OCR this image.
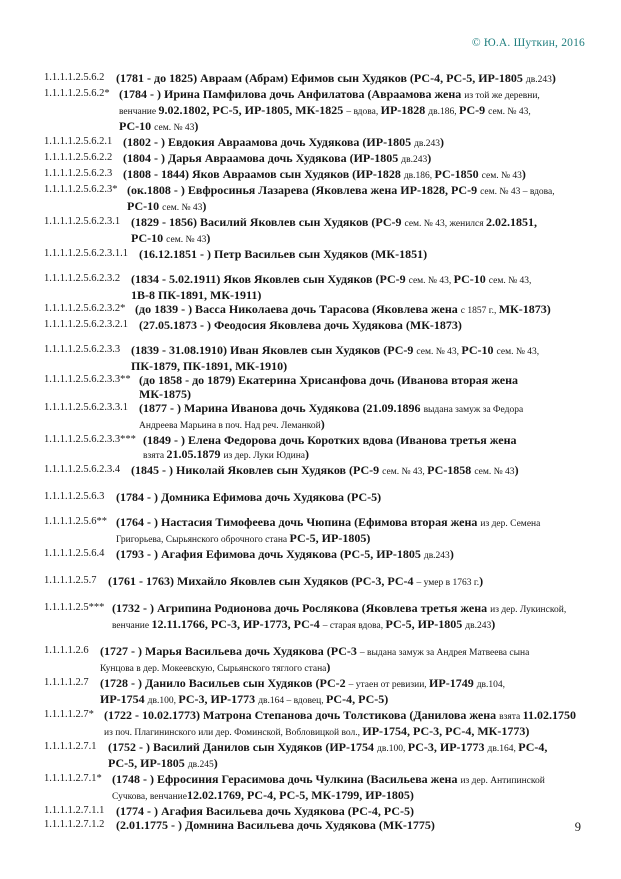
© Ю.А. Шуткин, 2016
1.1.1.1.2.5.6.2 (1781 - до 1825) Авраам (Абрам) Ефимов сын Худяков (РС-4, РС-5, ИР-1805 дв.243)
1.1.1.1.2.5.6.2* (1784 - ) Ирина Памфилова дочь Анфилатова (Авраамова жена из той же деревни,
венчание 9.02.1802, РС-5, ИР-1805, МК-1825 – вдова, ИР-1828 дв.186, РС-9 сем. № 43,
РС-10 сем. № 43)
1.1.1.1.2.5.6.2.1 (1802 - ) Евдокия Авраамова дочь Худякова (ИР-1805 дв.243)
1.1.1.1.2.5.6.2.2 (1804 - ) Дарья Авраамова дочь Худякова (ИР-1805 дв.243)
1.1.1.1.2.5.6.2.3 (1808 - 1844) Яков Авраамов сын Худяков (ИР-1828 дв.186, РС-1850 сем. № 43)
1.1.1.1.2.5.6.2.3* (ок.1808 - ) Евфросинья Лазарева (Яковлева жена ИР-1828, РС-9 сем. № 43 – вдова,
РС-10 сем. № 43)
1.1.1.1.2.5.6.2.3.1 (1829 - 1856) Василий Яковлев сын Худяков (РС-9 сем. № 43, женился 2.02.1851,
РС-10 сем. № 43)
1.1.1.1.2.5.6.2.3.1.1 (16.12.1851 - ) Петр Васильев сын Худяков (МК-1851)
1.1.1.1.2.5.6.2.3.2 (1834 - 5.02.1911) Яков Яковлев сын Худяков (РС-9 сем. № 43, РС-10 сем. № 43,
1В-8 ПК-1891, МК-1911)
1.1.1.1.2.5.6.2.3.2* (до 1839 - ) Васса Николаева дочь Тарасова (Яковлева жена с 1857 г., МК-1873)
1.1.1.1.2.5.6.2.3.2.1 (27.05.1873 - ) Феодосия Яковлева дочь Худякова (МК-1873)
1.1.1.1.2.5.6.2.3.3 (1839 - 31.08.1910) Иван Яковлев сын Худяков (РС-9 сем. № 43, РС-10 сем. № 43,
ПК-1879, ПК-1891, МК-1910)
1.1.1.1.2.5.6.2.3.3** (до 1858 - до 1879) Екатерина Хрисанфова дочь (Иванова вторая жена
МК-1875)
1.1.1.1.2.5.6.2.3.3.1 (1877 - ) Марина Иванова дочь Худякова (21.09.1896 выдана замуж за Федора
Андреева Марьина в поч. Над реч. Леманкой)
1.1.1.1.2.5.6.2.3.3*** (1849 - ) Елена Федорова дочь Коротких вдова (Иванова третья жена
взята 21.05.1879 из дер. Луки Юдина)
1.1.1.1.2.5.6.2.3.4 (1845 - ) Николай Яковлев сын Худяков (РС-9 сем. № 43, РС-1858 сем. № 43)
1.1.1.1.2.5.6.3 (1784 - ) Домника Ефимова дочь Худякова (РС-5)
1.1.1.1.2.5.6** (1764 - ) Настасия Тимофеева дочь Чюпина (Ефимова вторая жена из дер. Семена
Григорьева, Сырьянского оброчного стана РС-5, ИР-1805)
1.1.1.1.2.5.6.4 (1793 - ) Агафия Ефимова дочь Худякова (РС-5, ИР-1805 дв.243)
1.1.1.1.2.5.7 (1761 - 1763) Михайло Яковлев сын Худяков (РС-3, РС-4 – умер в 1763 г.)
1.1.1.1.2.5*** (1732 - ) Агрипина Родионова дочь Рослякова (Яковлева третья жена из дер. Лукинской,
венчание 12.11.1766, РС-3, ИР-1773, РС-4 – старая вдова, РС-5, ИР-1805 дв.243)
1.1.1.1.2.6 (1727 - ) Марья Васильева дочь Худякова (РС-3 – выдана замуж за Андрея Матвеева сына
Кунцова в дер. Мокеевскую, Сырьянского тяглого стана)
1.1.1.1.2.7 (1728 - ) Данило Васильев сын Худяков (РС-2 – утаен от ревизии, ИР-1749 дв.104,
ИР-1754 дв.100, РС-3, ИР-1773 дв.164 – вдовец, РС-4, РС-5)
1.1.1.1.2.7* (1722 - 10.02.1773) Матрона Степанова дочь Толстикова (Данилова жена взята 11.02.1750
из поч. Плагининского или дер. Фоминской, Вобловицкой вол., ИР-1754, РС-3, РС-4, МК-1773)
1.1.1.1.2.7.1 (1752 - ) Василий Данилов сын Худяков (ИР-1754 дв.100, РС-3, ИР-1773 дв.164, РС-4,
РС-5, ИР-1805 дв.245)
1.1.1.1.2.7.1* (1748 - ) Ефросиния Герасимова дочь Чулкина (Васильева жена из дер. Антипинской
Сучкова, венчание12.02.1769, РС-4, РС-5, МК-1799, ИР-1805)
1.1.1.1.2.7.1.1 (1774 - ) Агафия Васильева дочь Худякова (РС-4, РС-5)
1.1.1.1.2.7.1.2 (2.01.1775 - ) Домнина Васильева дочь Худякова (МК-1775)	9
